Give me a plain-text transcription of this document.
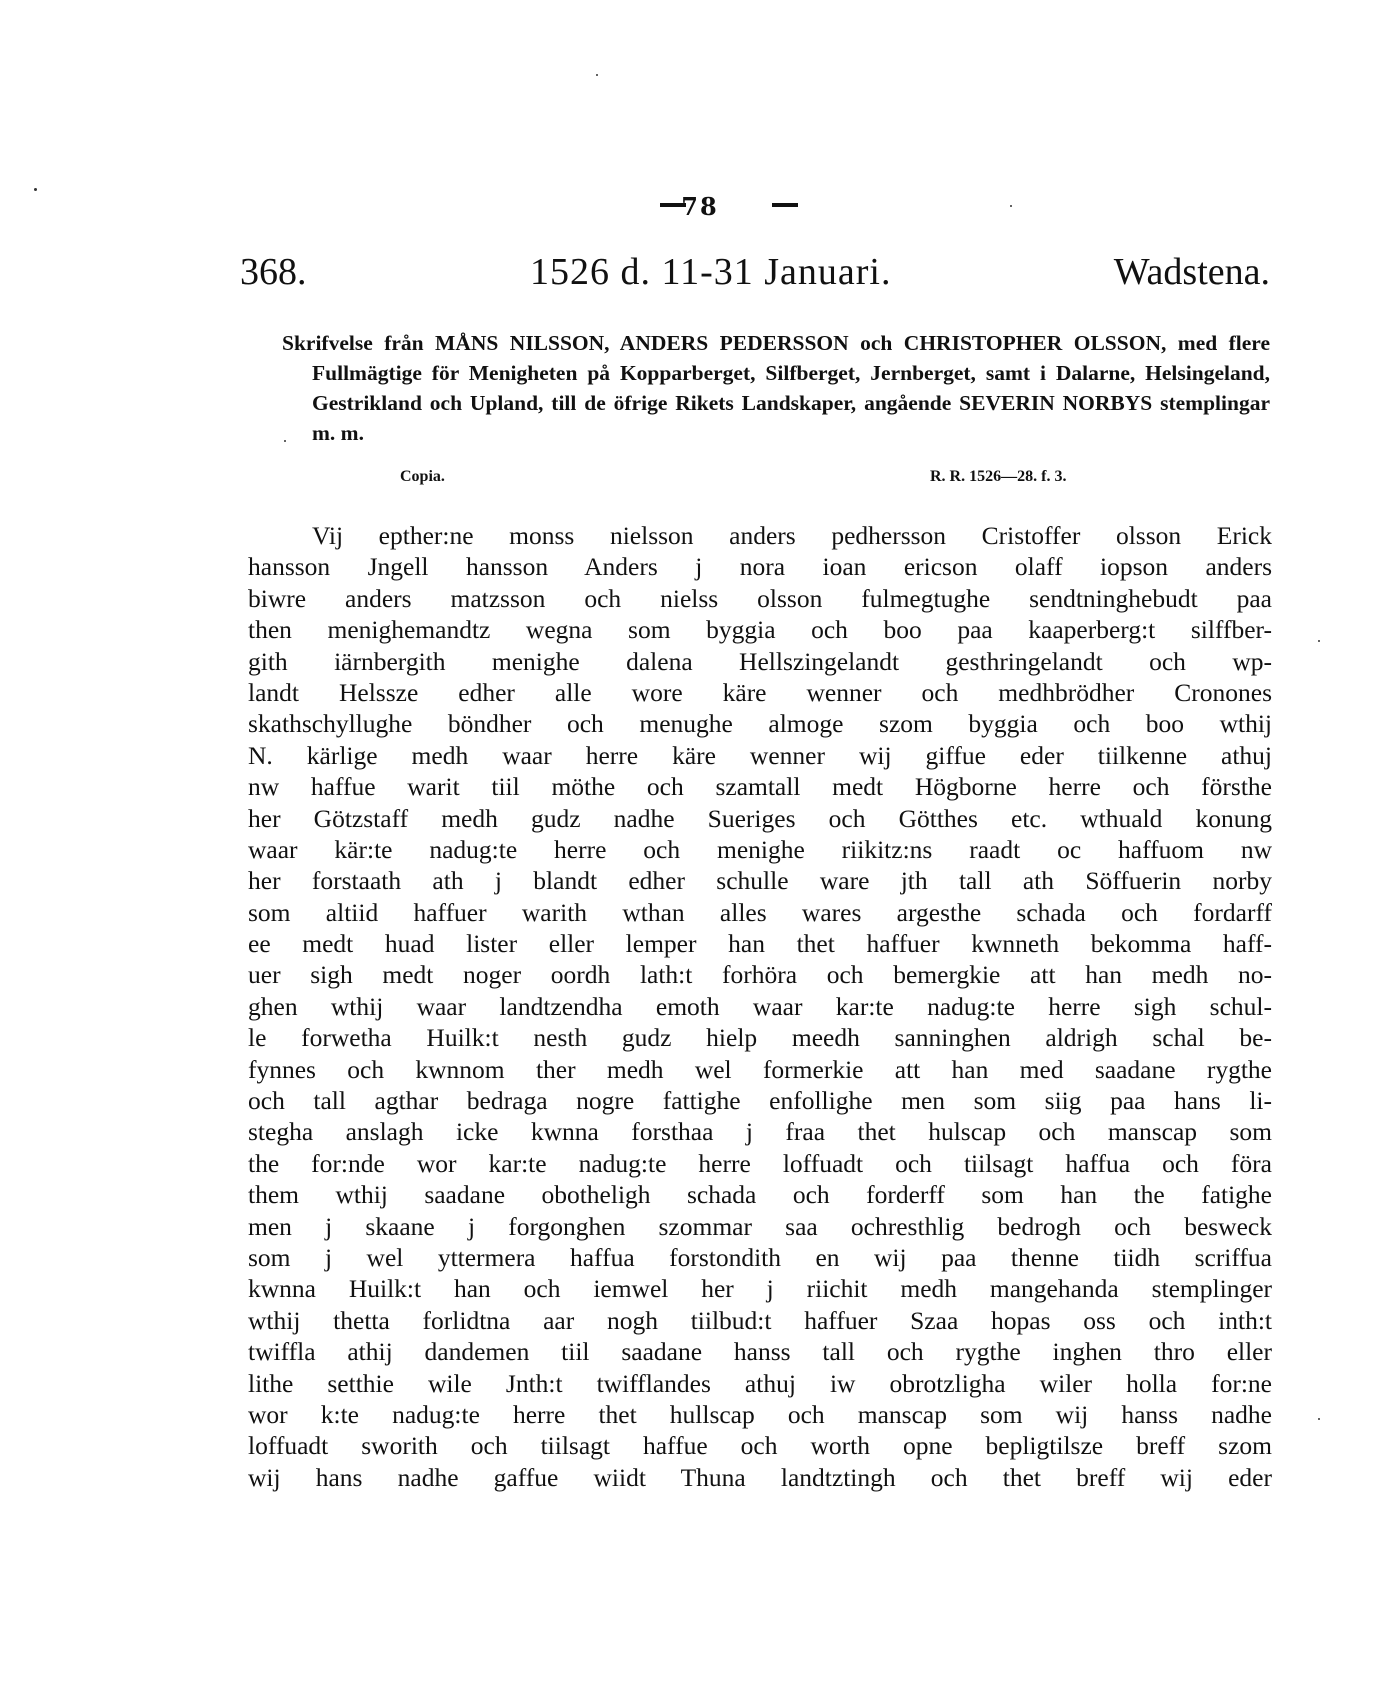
78
368.	1526 d. 11-31 Januari.	Wadstena.
Skrifvelse från MÅNS NILSSON, ANDERS PEDERSSON och CHRISTOPHER OLSSON, med flere Fullmägtige för Menigheten på Kopparberget, Silfberget, Jernberget, samt i Dalarne, Helsingeland, Gestrikland och Upland, till de öfrige Rikets Landskaper, angående SEVERIN NORBYS stemplingar m. m.
Copia.	R. R. 1526—28. f. 3.
Vij epther:ne monss nielsson anders pedhersson Cristoffer olsson Erick
hansson Jngell hansson Anders j nora ioan ericson olaff iopson anders
biwre anders matzsson och nielss olsson fulmegtughe sendtninghebudt paa
then menighemandtz wegna som byggia och boo paa kaaperberg:t silffber-
gith iärnbergith menighe dalena Hellszingelandt gesthringelandt och wp-
landt Helssze edher alle wore käre wenner och medhbrödher Cronones
skathschyllughe böndher och menughe almoge szom byggia och boo wthij
N. kärlige medh waar herre käre wenner wij giffue eder tiilkenne athuj
nw haffue warit tiil möthe och szamtall medt Högborne herre och försthe
her Götzstaff medh gudz nadhe Sueriges och Götthes etc. wthuald konung
waar kär:te nadug:te herre och menighe riikitz:ns raadt oc haffuom nw
her forstaath ath j blandt edher schulle ware jth tall ath Söffuerin norby
som altiid haffuer warith wthan alles wares argesthe schada och fordarff
ee medt huad lister eller lemper han thet haffuer kwnneth bekomma haff-
uer sigh medt noger oordh lath:t forhöra och bemergkie att han medh no-
ghen wthij waar landtzendha emoth waar kar:te nadug:te herre sigh schul-
le forwetha Huilk:t nesth gudz hielp meedh sanninghen aldrigh schal be-
fynnes och kwnnom ther medh wel formerkie att han med saadane rygthe
och tall agthar bedraga nogre fattighe enfollighe men som siig paa hans li-
stegha anslagh icke kwnna forsthaa j fraa thet hulscap och manscap som
the for:nde wor kar:te nadug:te herre loffuadt och tiilsagt haffua och föra
them wthij saadane obotheligh schada och forderff som han the fatighe
men j skaane j forgonghen szommar saa ochresthlig bedrogh och besweck
som j wel yttermera haffua forstondith en wij paa thenne tiidh scriffua
kwnna Huilk:t han och iemwel her j riichit medh mangehanda stemplinger
wthij thetta forlidtna aar nogh tiilbud:t haffuer Szaa hopas oss och inth:t
twiffla athij dandemen tiil saadane hanss tall och rygthe inghen thro eller
lithe setthie wile Jnth:t twifflandes athuj iw obrotzligha wiler holla for:ne
wor k:te nadug:te herre thet hullscap och manscap som wij hanss nadhe
loffuadt sworith och tiilsagt haffue och worth opne bepligtilsze breff szom
wij hans nadhe gaffue wiidt Thuna landtztingh och thet breff wij eder
